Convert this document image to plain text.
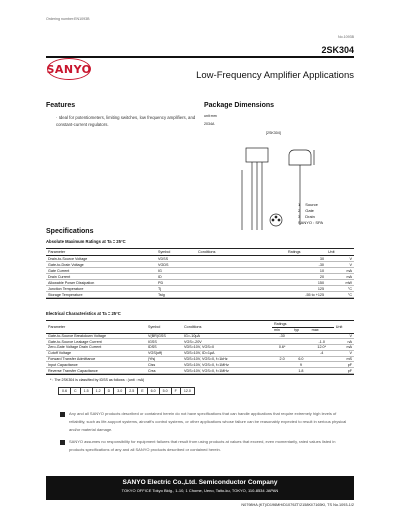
Ordering number:EN1093B
No.1093B
2SK304
SANYO	Low-Frequency Amplifier Applications
Features
· Ideal for potentiometers, limiting switches, low frequency amplifiers, and constant-current regulators.
Package Dimensions
unit:mm
2034A
[2SK304]
1 Source
2 Gate
3 Drain
SANYO : SPA
Specifications
Absolute Maximum Ratings at Ta = 25°C
Parameter	Symbol	Conditions	Ratings	Unit
Drain-to-Source Voltage	VDSS		30	V
Gate-to-Drain Voltage	VGDS		-30	V
Gate Current	IG		10	mA
Drain Current	ID		20	mA
Allowable Power Dissipation	PD		150	mW
Junction Temperature	Tj		125	°C
Storage Temperature	Tstg		-55 to +125	°C
Electrical Characteristics at Ta = 25°C
Parameter	Symbol	Conditions	Ratings			Unit
			min	typ	max	
Gate-to-Source Breakdown Voltage	V(BR)GSS	IG=-10μA	-30			V
Gate-to-Source Leakage Current	IGSS	VGS=-20V			-1.0	nA
Zero-Gate Voltage Drain Current	IDSS	VDS=10V, VGS=0	0.6*		12.0*	mA
Cutoff Voltage	VGS(off)	VDS=10V, ID=1μA			-4	V
Forward Transfer Admittance	|Yfs|	VDS=10V, VGS=0, f=1kHz	2.0	6.0		mS
Input Capacitance	Ciss	VDS=10V, VGS=0, f=1MHz		9		pF
Reverse Transfer Capacitance	Crss	VDS=10V, VGS=0, f=1MHz		1.8		pF
* : The 2SK304 is classified by IDSS as follows : (unit : mA)
0.6	C	1.5	1.2	D	3.0	2.5	E	6.0	5.0	F	12.0
Any and all SANYO products described or contained herein do not have specifications that can handle applications that require extremely high levels of reliability, such as life-support systems, aircraft's control systems, or other applications whose failure can be reasonably expected to result in serious physical and/or material damage.
SANYO assumes no responsibility for equipment failures that result from using products at values that exceed, even momentarily, rated values listed in products specifications of any and all SANYO products described or contained herein.
SANYO Electric Co.,Ltd. Semiconductor Company
TOKYO OFFICE Tokyo Bldg., 1-10, 1 Chome, Ueno, Taito-ku, TOKYO, 110-8534 JAPAN
N0798HA (KT)/D196MH/D1079ZT/2158KI/7165KI, TS No.1093-1/2
